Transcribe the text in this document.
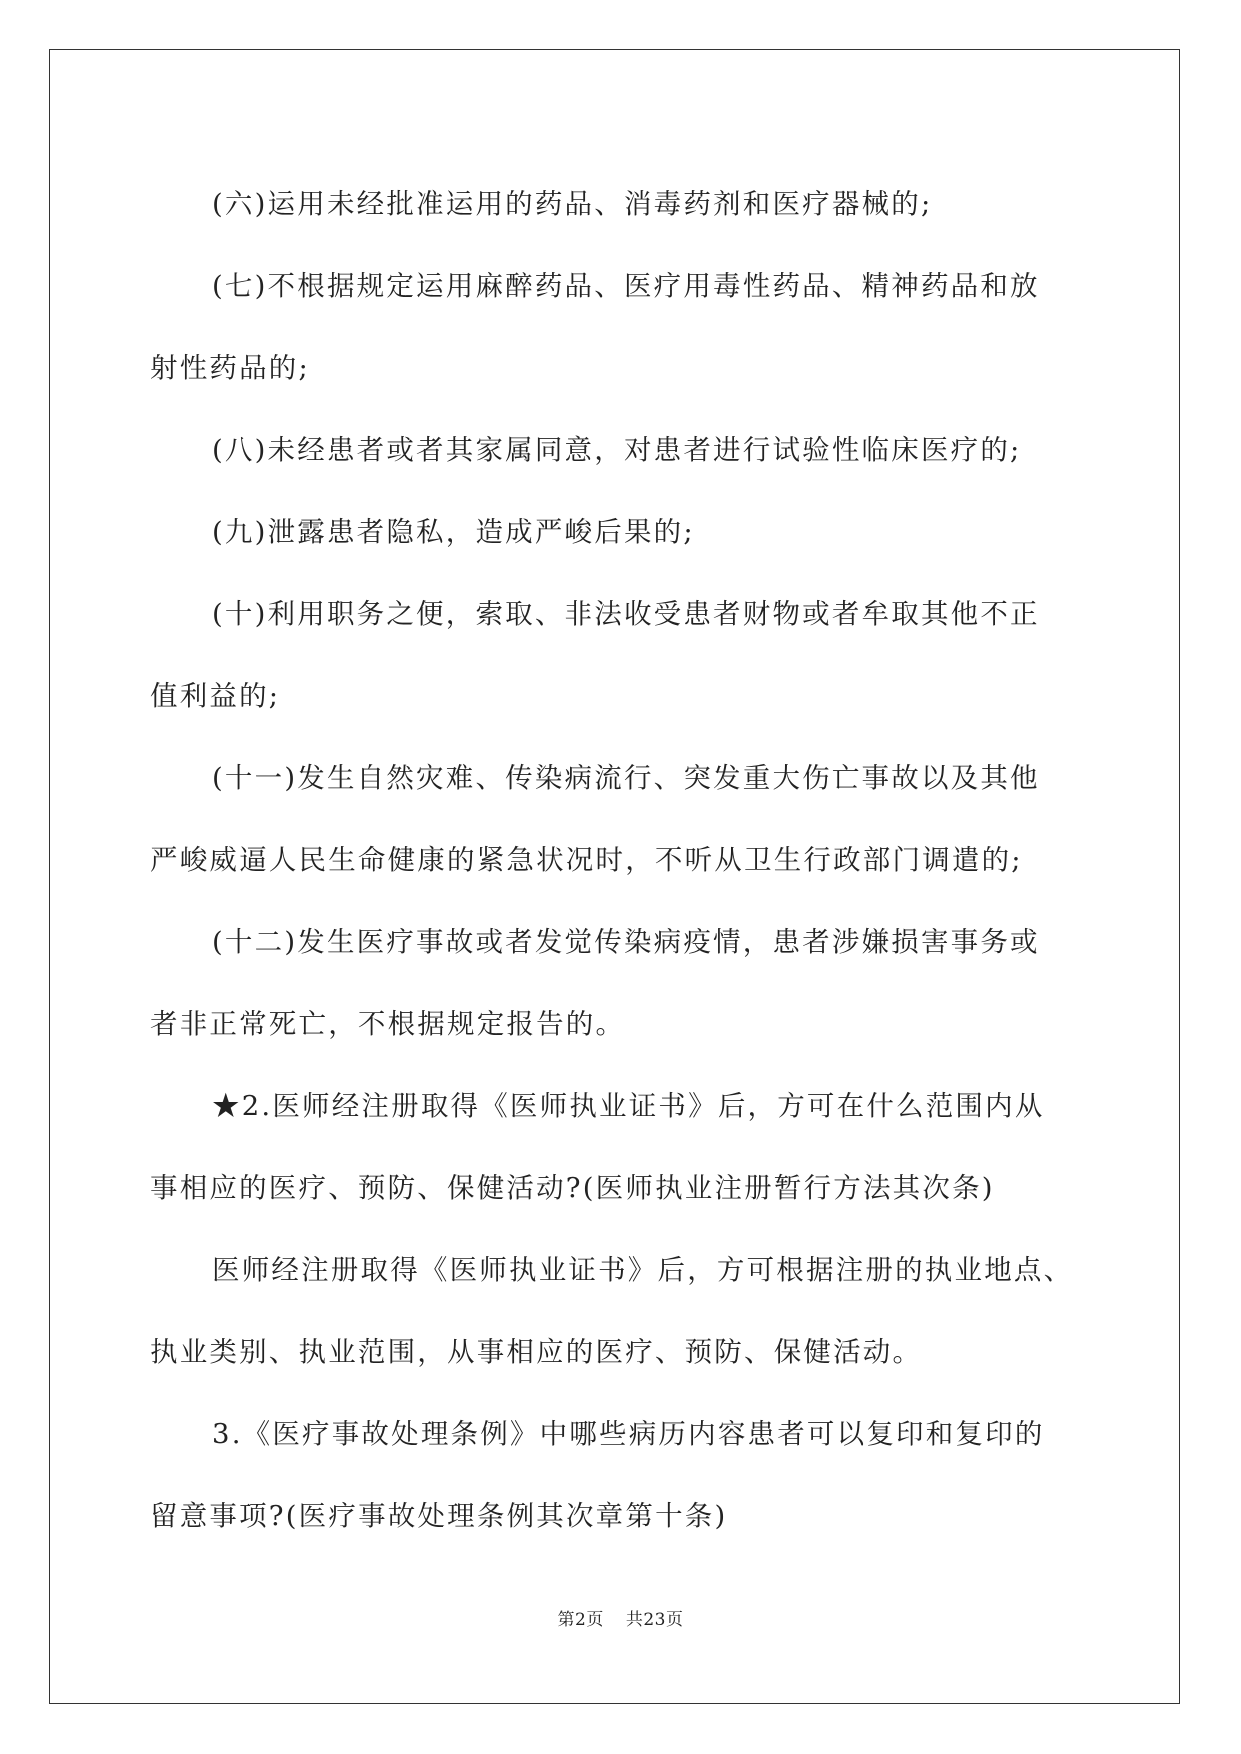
(六)运用未经批准运用的药品、消毒药剂和医疗器械的;

(七)不根据规定运用麻醉药品、医疗用毒性药品、精神药品和放

射性药品的;

(八)未经患者或者其家属同意，对患者进行试验性临床医疗的;

(九)泄露患者隐私，造成严峻后果的;

(十)利用职务之便，索取、非法收受患者财物或者牟取其他不正

值利益的;

(十一)发生自然灾难、传染病流行、突发重大伤亡事故以及其他

严峻威逼人民生命健康的紧急状况时，不听从卫生行政部门调遣的;

(十二)发生医疗事故或者发觉传染病疫情，患者涉嫌损害事务或

者非正常死亡，不根据规定报告的。

★2.医师经注册取得《医师执业证书》后，方可在什么范围内从

事相应的医疗、预防、保健活动?(医师执业注册暂行方法其次条)

医师经注册取得《医师执业证书》后，方可根据注册的执业地点、

执业类别、执业范围，从事相应的医疗、预防、保健活动。

3.《医疗事故处理条例》中哪些病历内容患者可以复印和复印的

留意事项?(医疗事故处理条例其次章第十条)

第2页 共23页
